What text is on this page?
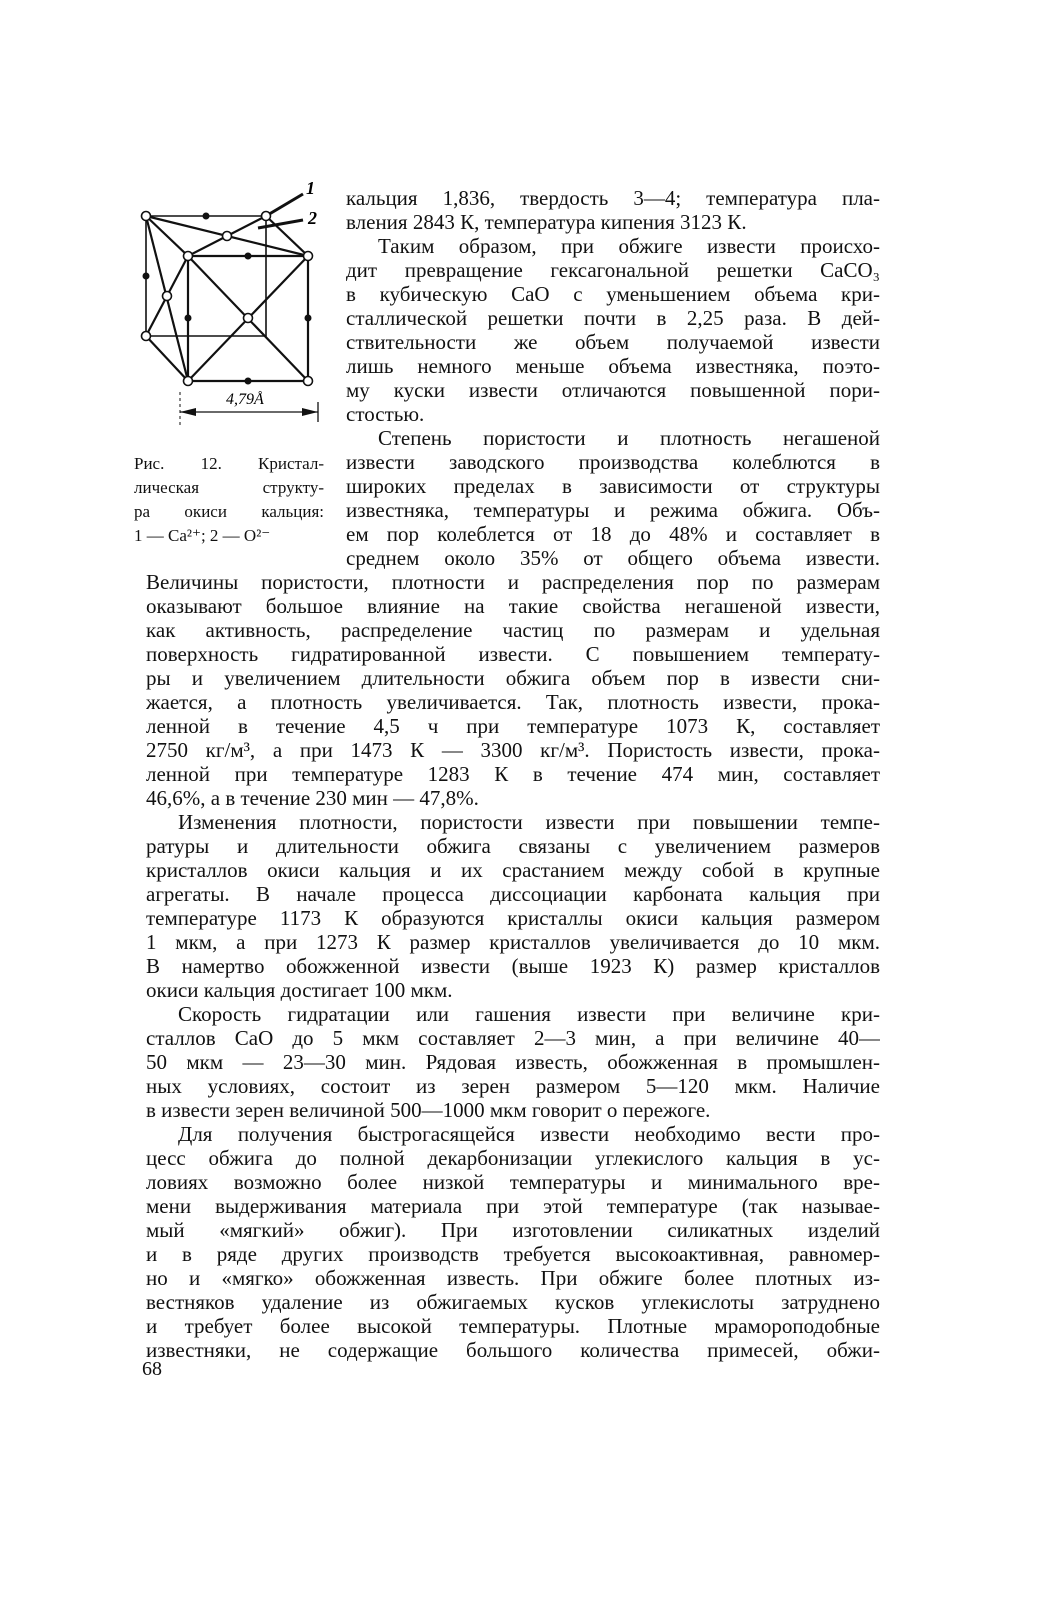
1
2
4,79Å
Рис. 12. Кристал-
лическая структу-
ра окиси кальция:
1 — Ca²⁺; 2 — O²⁻
кальция 1,836, твердость 3—4; температура пла-
вления 2843 К, температура кипения 3123 К.
Таким образом, при обжиге извести происхо-
дит превращение гексагональной решетки CaCO₃
в кубическую CaO с уменьшением объема кри-
сталлической решетки почти в 2,25 раза. В дей-
ствительности же объем получаемой извести
лишь немного меньше объема известняка, поэто-
му куски извести отличаются повышенной пори-
стостью.
Степень пористости и плотность негашеной
извести заводского производства колеблются в
широких пределах в зависимости от структуры
известняка, температуры и режима обжига. Объ-
ем пор колеблется от 18 до 48% и составляет в
среднем около 35% от общего объема извести.
Величины пористости, плотности и распределения пор по размерам
оказывают большое влияние на такие свойства негашеной извести,
как активность, распределение частиц по размерам и удельная
поверхность гидратированной извести. С повышением температу-
ры и увеличением длительности обжига объем пор в извести сни-
жается, а плотность увеличивается. Так, плотность извести, прока-
ленной в течение 4,5 ч при температуре 1073 К, составляет
2750 кг/м³, а при 1473 К — 3300 кг/м³. Пористость извести, прока-
ленной при температуре 1283 К в течение 474 мин, составляет
46,6%, а в течение 230 мин — 47,8%.
Изменения плотности, пористости извести при повышении темпе-
ратуры и длительности обжига связаны с увеличением размеров
кристаллов окиси кальция и их срастанием между собой в крупные
агрегаты. В начале процесса диссоциации карбоната кальция при
температуре 1173 К образуются кристаллы окиси кальция размером
1 мкм, а при 1273 К размер кристаллов увеличивается до 10 мкм.
В намертво обожженной извести (выше 1923 К) размер кристаллов
окиси кальция достигает 100 мкм.
Скорость гидратации или гашения извести при величине кри-
сталлов CaO до 5 мкм составляет 2—3 мин, а при величине 40—
50 мкм — 23—30 мин. Рядовая известь, обожженная в промышлен-
ных условиях, состоит из зерен размером 5—120 мкм. Наличие
в извести зерен величиной 500—1000 мкм говорит о пережоге.
Для получения быстрогасящейся извести необходимо вести про-
цесс обжига до полной декарбонизации углекислого кальция в ус-
ловиях возможно более низкой температуры и минимального вре-
мени выдерживания материала при этой температуре (так называе-
мый «мягкий» обжиг). При изготовлении силикатных изделий
и в ряде других производств требуется высокоактивная, равномер-
но и «мягко» обожженная известь. При обжиге более плотных из-
вестняков удаление из обжигаемых кусков углекислоты затруднено
и требует более высокой температуры. Плотные мраморoподобные
известняки, не содержащие большого количества примесей, обжи-
68
